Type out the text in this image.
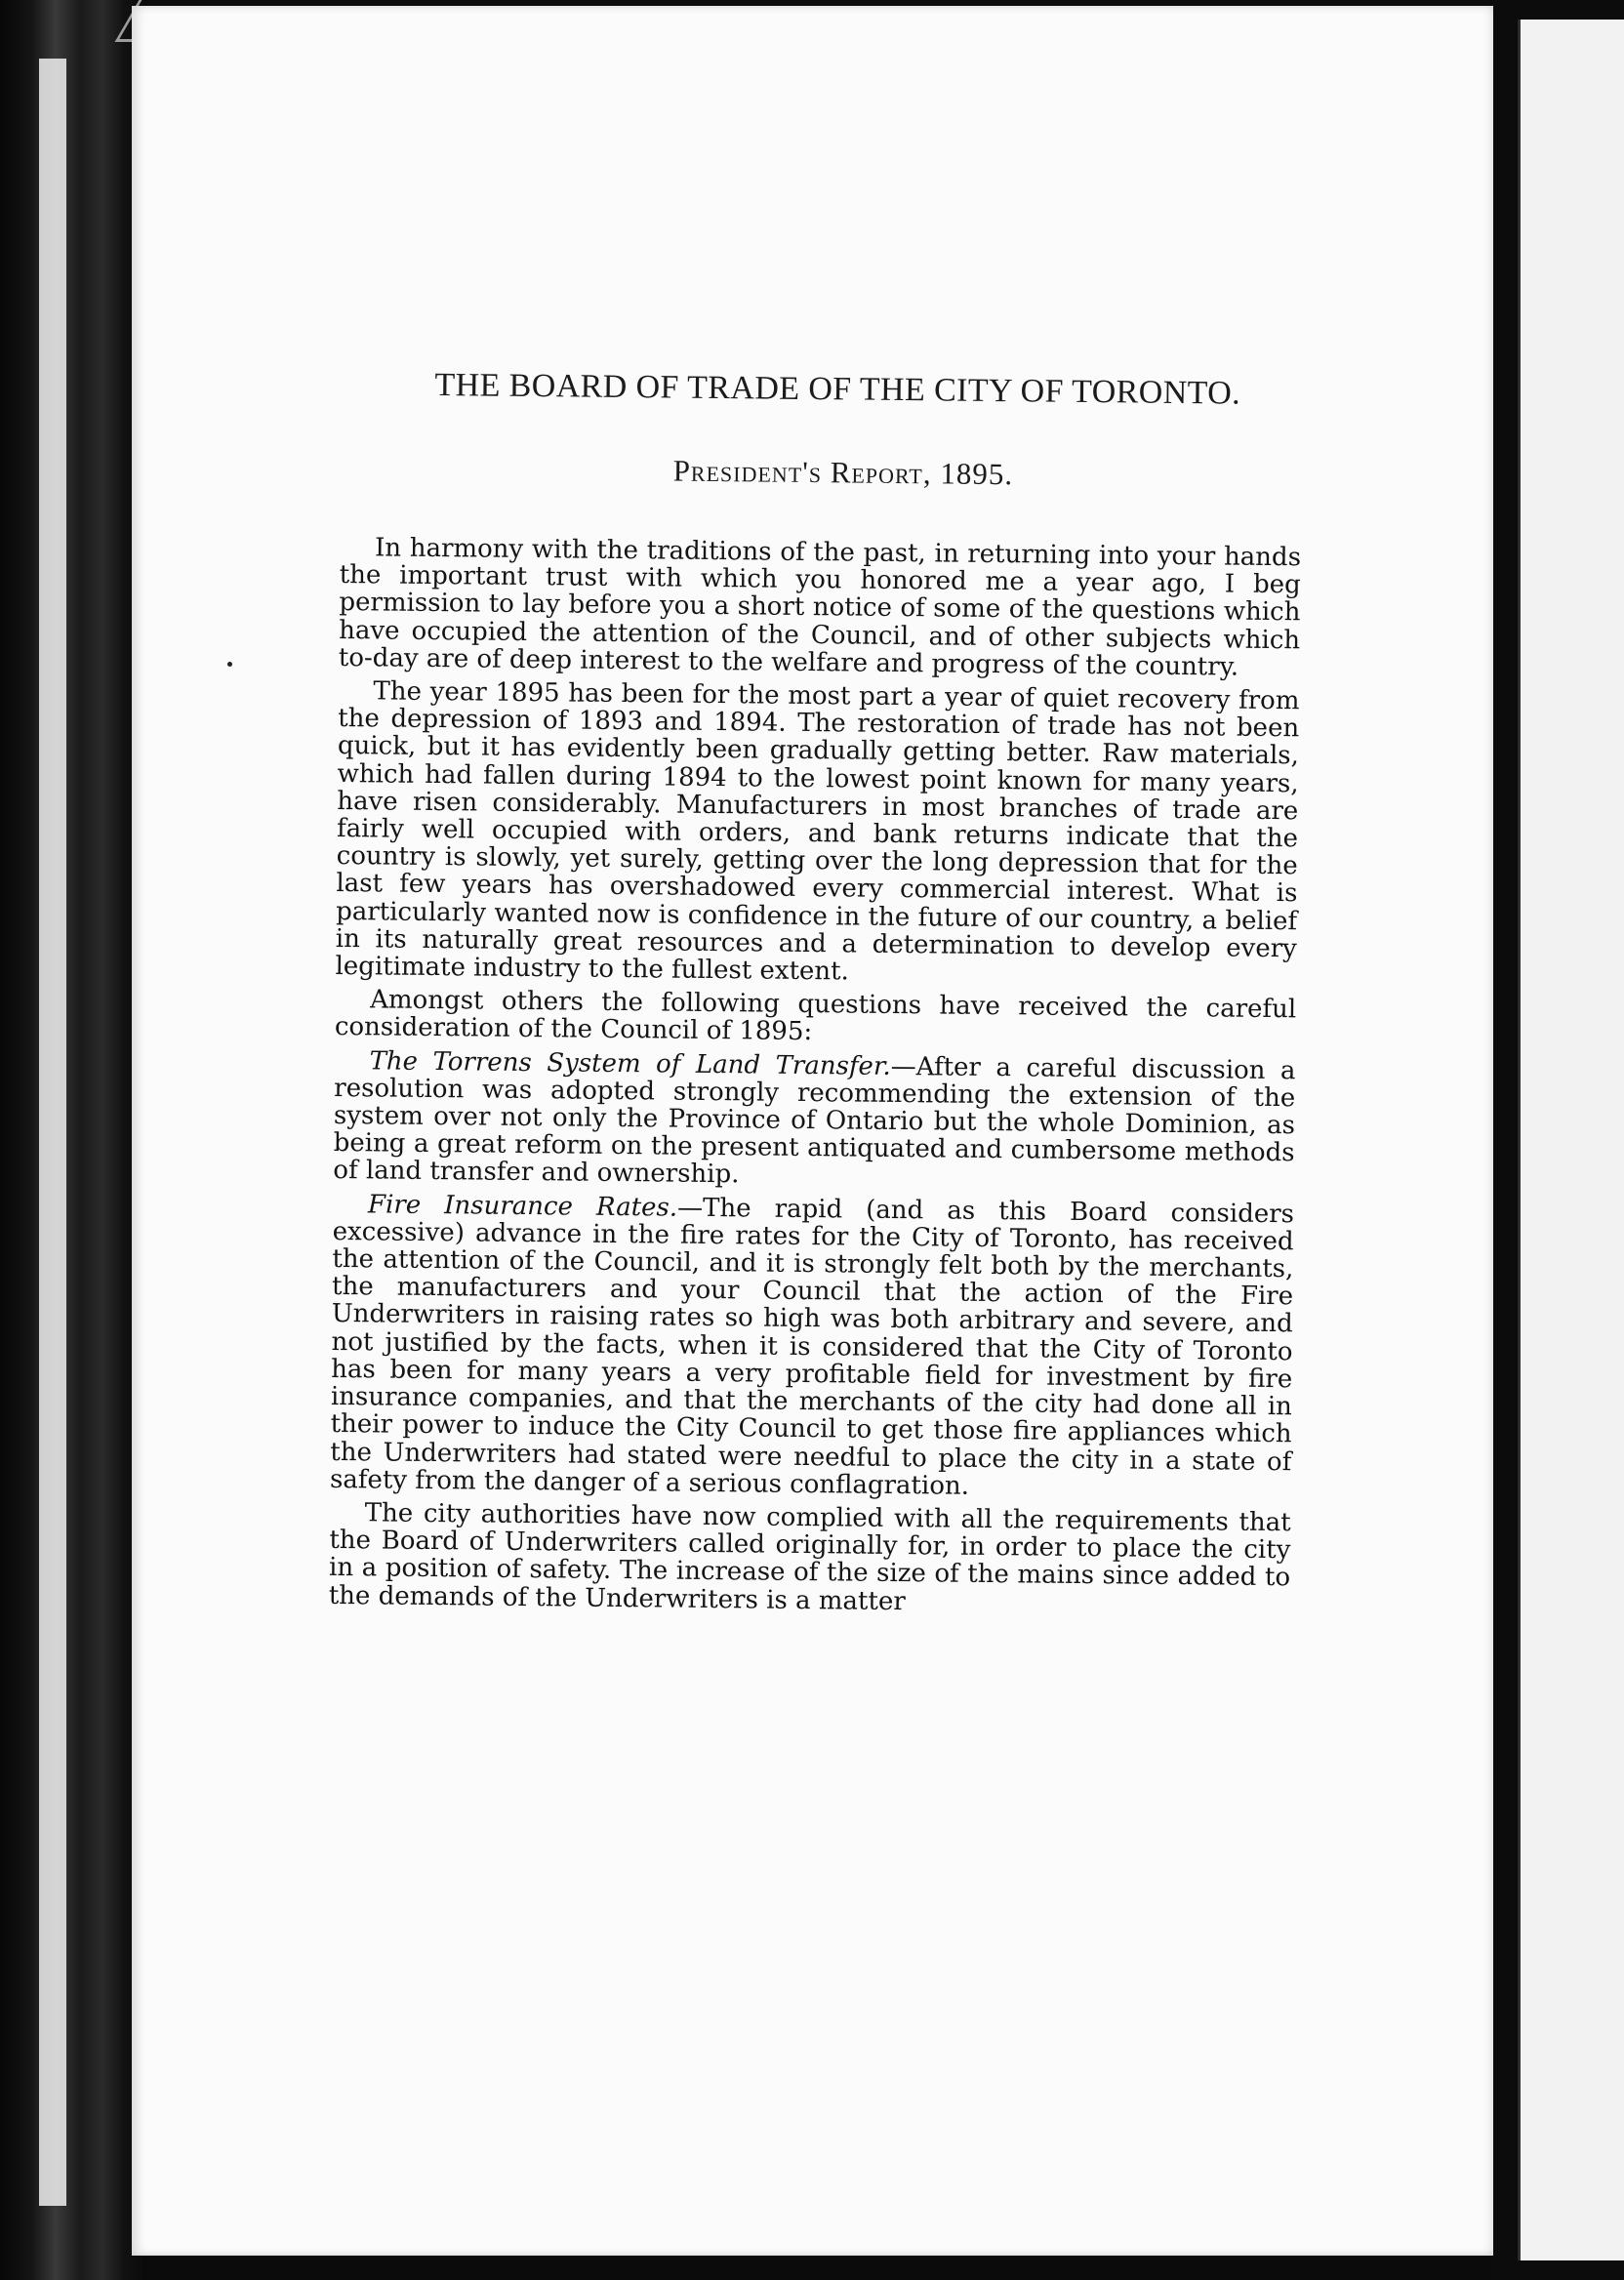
THE BOARD OF TRADE OF THE CITY OF TORONTO.
President's Report, 1895.

In harmony with the traditions of the past, in returning into your hands the important trust with which you honored me a year ago, I beg permission to lay before you a short notice of some of the questions which have occupied the attention of the Council, and of other subjects which to-day are of deep interest to the welfare and progress of the country.

The year 1895 has been for the most part a year of quiet recovery from the depression of 1893 and 1894. The restoration of trade has not been quick, but it has evidently been gradually getting better. Raw materials, which had fallen during 1894 to the lowest point known for many years, have risen considerably. Manufacturers in most branches of trade are fairly well occupied with orders, and bank returns indicate that the country is slowly, yet surely, getting over the long depression that for the last few years has overshadowed every commercial interest. What is particularly wanted now is confidence in the future of our country, a belief in its naturally great resources and a determination to develop every legitimate industry to the fullest extent.

Amongst others the following questions have received the careful consideration of the Council of 1895:

The Torrens System of Land Transfer.—After a careful discussion a resolution was adopted strongly recommending the extension of the system over not only the Province of Ontario but the whole Dominion, as being a great reform on the present antiquated and cumbersome methods of land transfer and ownership.

Fire Insurance Rates.—The rapid (and as this Board considers excessive) advance in the fire rates for the City of Toronto, has received the attention of the Council, and it is strongly felt both by the merchants, the manufacturers and your Council that the action of the Fire Underwriters in raising rates so high was both arbitrary and severe, and not justified by the facts, when it is considered that the City of Toronto has been for many years a very profitable field for investment by fire insurance companies, and that the merchants of the city had done all in their power to induce the City Council to get those fire appliances which the Underwriters had stated were needful to place the city in a state of safety from the danger of a serious conflagration.

The city authorities have now complied with all the requirements that the Board of Underwriters called originally for, in order to place the city in a position of safety. The increase of the size of the mains since added to the demands of the Underwriters is a matter
